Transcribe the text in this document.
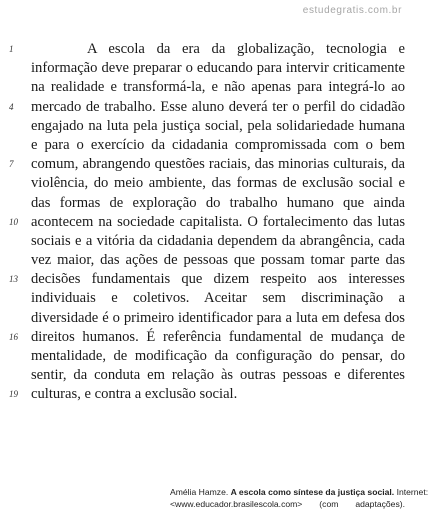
estudegratis.com.br
1	A escola da era da globalização, tecnologia e
informação deve preparar o educando para intervir criticamente
na realidade e transformá-la, e não apenas para integrá-lo ao
4	mercado de trabalho. Esse aluno deverá ter o perfil do cidadão
engajado na luta pela justiça social, pela solidariedade humana
e para o exercício da cidadania compromissada com o bem
7	comum, abrangendo questões raciais, das minorias culturais, da
violência, do meio ambiente, das formas de exclusão social e
das formas de exploração do trabalho humano que ainda
10 acontecem na sociedade capitalista. O fortalecimento das lutas
sociais e a vitória da cidadania dependem da abrangência, cada
vez maior, das ações de pessoas que possam tomar parte das
13 decisões fundamentais que dizem respeito aos interesses
individuais e coletivos. Aceitar sem discriminação a
diversidade é o primeiro identificador para a luta em defesa dos
16 direitos humanos. É referência fundamental de mudança de
mentalidade, de modificação da configuração do pensar, do
sentir, da conduta em relação às outras pessoas e diferentes
19 culturas, e contra a exclusão social.
Amélia Hamze. A escola como síntese da justiça social. Internet:
<www.educador.brasilescola.com> (com adaptações).
